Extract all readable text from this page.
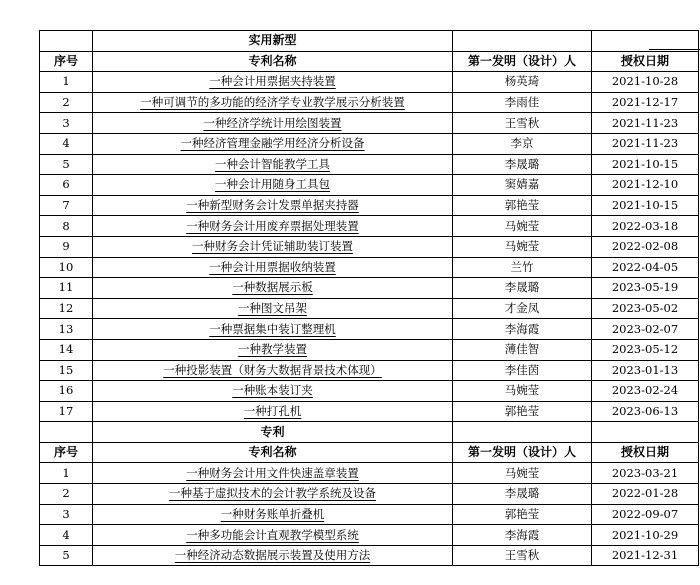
	实用新型		
序号	专利名称	第一发明（设计）人	授权日期
1	一种会计用票据夹持装置	杨英琦	2021-10-28
2	一种可调节的多功能的经济学专业教学展示分析装置	李雨佳	2021-12-17
3	一种经济学统计用绘图装置	王雪秋	2021-11-23
4	一种经济管理金融学用经济分析设备	李京	2021-11-23
5	一种会计智能教学工具	李晟璐	2021-10-15
6	一种会计用随身工具包	窦婧嘉	2021-12-10
7	一种新型财务会计发票单据夹持器	郭艳莹	2021-10-15
8	一种财务会计用废弃票据处理装置	马婉莹	2022-03-18
9	一种财务会计凭证辅助装订装置	马婉莹	2022-02-08
10	一种会计用票据收纳装置	兰竹	2022-04-05
11	一种数据展示板	李晟璐	2023-05-19
12	一种图文吊架	才金凤	2023-05-02
13	一种票据集中装订整理机	李海霞	2023-02-07
14	一种教学装置	薄佳智	2023-05-12
15	一种投影装置（财务大数据背景技术体现）	李佳茵	2023-01-13
16	一种账本装订夹	马婉莹	2023-02-24
17	一种打孔机	郭艳莹	2023-06-13
	专利		
序号	专利名称	第一发明（设计）人	授权日期
1	一种财务会计用文件快速盖章装置	马婉莹	2023-03-21
2	一种基于虚拟技术的会计教学系统及设备	李晟璐	2022-01-28
3	一种财务账单折叠机	郭艳莹	2022-09-07
4	一种多功能会计直观教学模型系统	李海霞	2021-10-29
5	一种经济动态数据展示装置及使用方法	王雪秋	2021-12-31
